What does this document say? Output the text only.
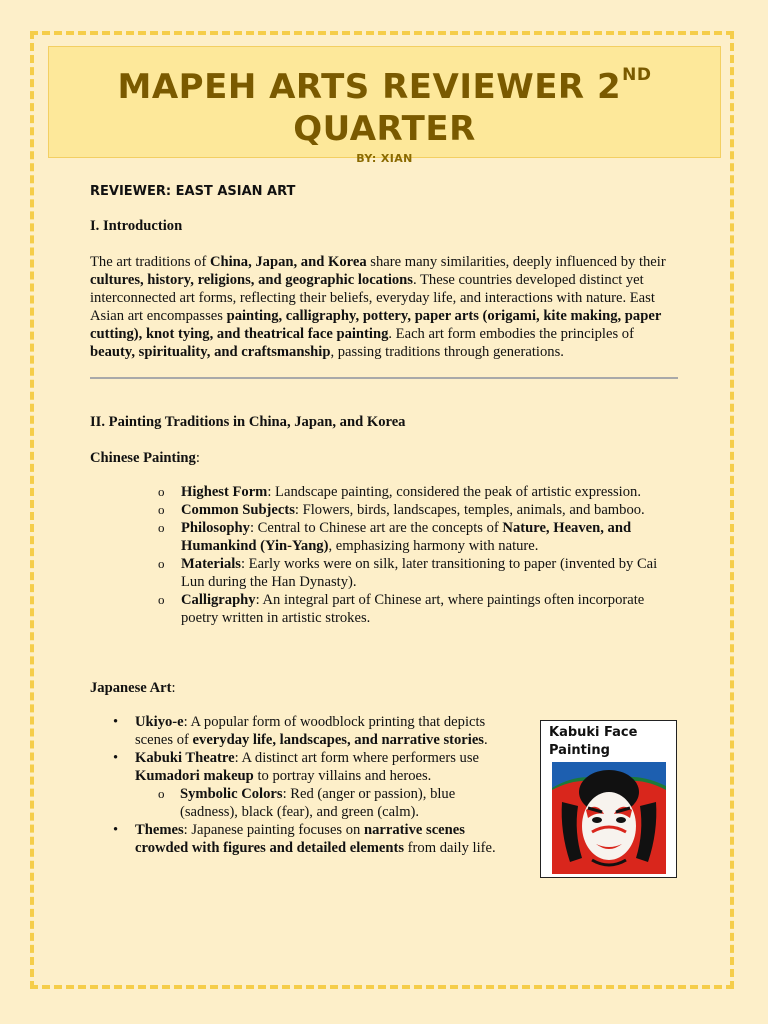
MAPEH ARTS REVIEWER 2ND
QUARTER
BY: XIAN
REVIEWER: EAST ASIAN ART

I. Introduction

The art traditions of China, Japan, and Korea share many similarities, deeply influenced by their cultures, history, religions, and geographic locations. These countries developed distinct yet interconnected art forms, reflecting their beliefs, everyday life, and interactions with nature. East Asian art encompasses painting, calligraphy, pottery, paper arts (origami, kite making, paper cutting), knot tying, and theatrical face painting. Each art form embodies the principles of beauty, spirituality, and craftsmanship, passing traditions through generations.

II. Painting Traditions in China, Japan, and Korea

Chinese Painting:

o Highest Form: Landscape painting, considered the peak of artistic expression.
o Common Subjects: Flowers, birds, landscapes, temples, animals, and bamboo.
o Philosophy: Central to Chinese art are the concepts of Nature, Heaven, and Humankind (Yin-Yang), emphasizing harmony with nature.
o Materials: Early works were on silk, later transitioning to paper (invented by Cai Lun during the Han Dynasty).
o Calligraphy: An integral part of Chinese art, where paintings often incorporate poetry written in artistic strokes.

Japanese Art:

• Ukiyo-e: A popular form of woodblock printing that depicts scenes of everyday life, landscapes, and narrative stories.
• Kabuki Theatre: A distinct art form where performers use Kumadori makeup to portray villains and heroes.
o Symbolic Colors: Red (anger or passion), blue (sadness), black (fear), and green (calm).
• Themes: Japanese painting focuses on narrative scenes crowded with figures and detailed elements from daily life.
Kabuki Face Painting
